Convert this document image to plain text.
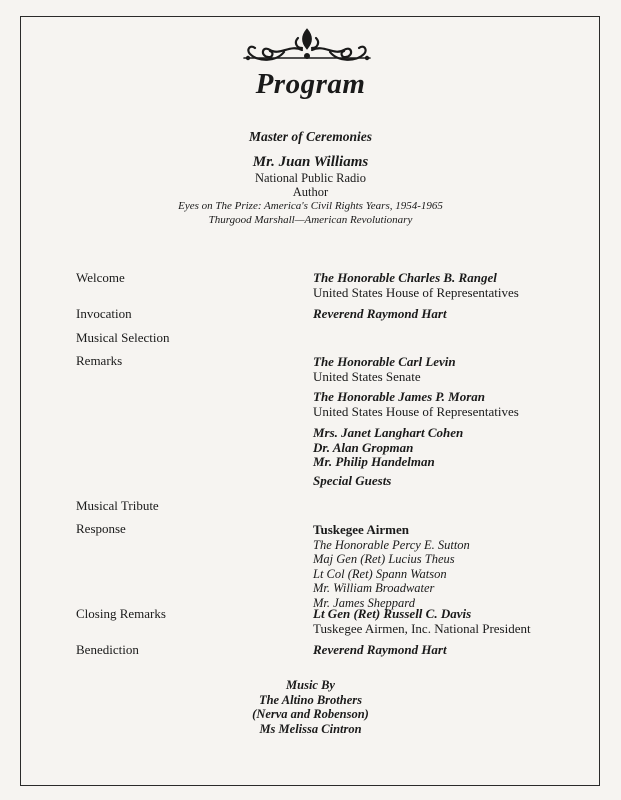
Program
Master of Ceremonies
Mr. Juan Williams
National Public Radio
Author
Eyes on The Prize: America's Civil Rights Years, 1954-1965
Thurgood Marshall—American Revolutionary
Welcome	The Honorable Charles B. Rangel
United States House of Representatives
Invocation	Reverend Raymond Hart
Musical Selection
Remarks	The Honorable Carl Levin
United States Senate
The Honorable James P. Moran
United States House of Representatives
Mrs. Janet Langhart Cohen
Dr. Alan Gropman
Mr. Philip Handelman
Special Guests
Musical Tribute
Response	Tuskegee Airmen
The Honorable Percy E. Sutton
Maj Gen (Ret) Lucius Theus
Lt Col (Ret) Spann Watson
Mr. William Broadwater
Mr. James Sheppard
Closing Remarks	Lt Gen (Ret) Russell C. Davis
Tuskegee Airmen, Inc. National President
Benediction	Reverend Raymond Hart
Music By
The Altino Brothers
(Nerva and Robenson)
Ms Melissa Cintron
